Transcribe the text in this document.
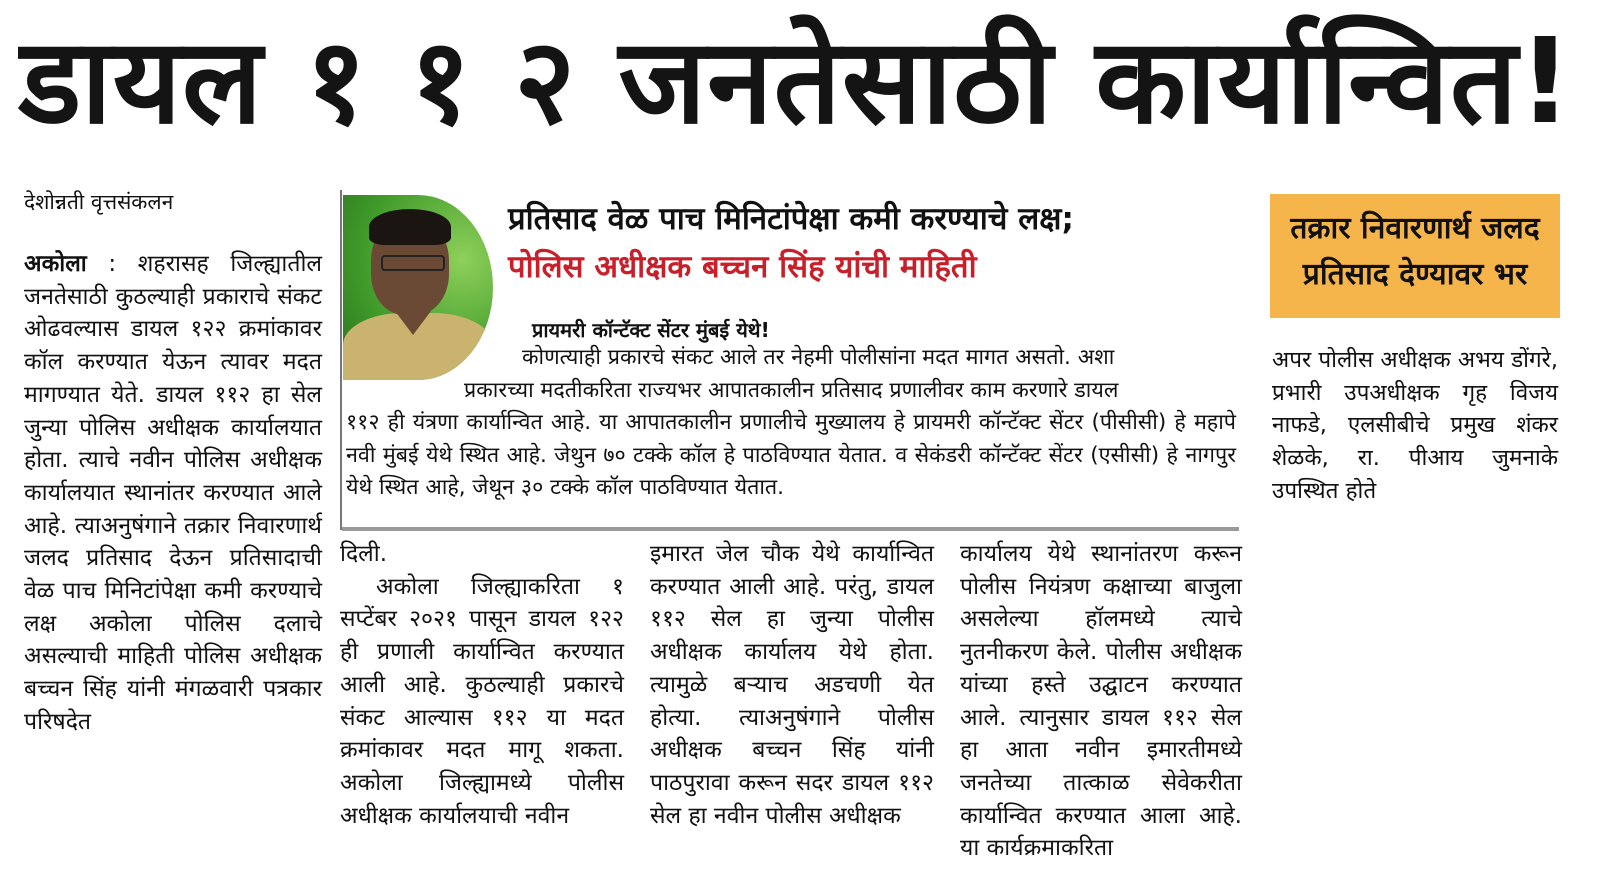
डायल १ १ २ जनतेसाठी कार्यान्वित!
देशोन्नती वृत्तसंकलन

अकोला : शहरासह जिल्ह्यातील जनतेसाठी कुठल्याही प्रकाराचे संकट ओढवल्यास डायल १२२ क्रमांकावर कॉल करण्यात येऊन त्यावर मदत मागण्यात येते. डायल ११२ हा सेल जुन्या पोलिस अधीक्षक कार्यालयात होता. त्याचे नवीन पोलिस अधीक्षक कार्यालयात स्थानांतर करण्यात आले आहे. त्याअनुषंगाने तक्रार निवारणार्थ जलद प्रतिसाद देऊन प्रतिसादाची वेळ पाच मिनिटांपेक्षा कमी करण्याचे लक्ष अकोला पोलिस दलाचे असल्याची माहिती पोलिस अधीक्षक बच्चन सिंह यांनी मंगळवारी पत्रकार परिषदेत

प्रतिसाद वेळ पाच मिनिटांपेक्षा कमी करण्याचे लक्ष;
पोलिस अधीक्षक बच्चन सिंह यांची माहिती
प्रायमरी कॉन्टॅक्ट सेंटर मुंबई येथे!
कोणत्याही प्रकारचे संकट आले तर नेहमी पोलीसांना मदत मागत असतो. अशा
प्रकारच्या मदतीकरिता राज्यभर आपातकालीन प्रतिसाद प्रणालीवर काम करणारे डायल
११२ ही यंत्रणा कार्यान्वित आहे. या आपातकालीन प्रणालीचे मुख्यालय हे प्रायमरी कॉन्टॅक्ट सेंटर (पीसीसी) हे महापे नवी मुंबई येथे स्थित आहे. जेथुन ७० टक्के कॉल हे पाठविण्यात येतात. व सेकंडरी कॉन्टॅक्ट सेंटर (एसीसी) हे नागपुर येथे स्थित आहे, जेथून ३० टक्के कॉल पाठविण्यात येतात.

दिली.

अकोला जिल्ह्याकरिता १ सप्टेंबर २०२१ पासून डायल १२२ ही प्रणाली कार्यान्वित करण्यात आली आहे. कुठल्याही प्रकारचे संकट आल्यास ११२ या मदत क्रमांकावर मदत मागू शकता. अकोला जिल्ह्यामध्ये पोलीस अधीक्षक कार्यालयाची नवीन

इमारत जेल चौक येथे कार्यान्वित करण्यात आली आहे. परंतु, डायल ११२ सेल हा जुन्या पोलीस अधीक्षक कार्यालय येथे होता. त्यामुळे बऱ्याच अडचणी येत होत्या. त्याअनुषंगाने पोलीस अधीक्षक बच्चन सिंह यांनी पाठपुरावा करून सदर डायल ११२ सेल हा नवीन पोलीस अधीक्षक

कार्यालय येथे स्थानांतरण करून पोलीस नियंत्रण कक्षाच्या बाजुला असलेल्या हॉलमध्ये त्याचे नुतनीकरण केले. पोलीस अधीक्षक यांच्या हस्ते उद्घाटन करण्यात आले. त्यानुसार डायल ११२ सेल हा आता नवीन इमारतीमध्ये जनतेच्या तात्काळ सेवेकरीता कार्यान्वित करण्यात आला आहे. या कार्यक्रमाकरिता

तक्रार निवारणार्थ जलद
प्रतिसाद देण्यावर भर

अपर पोलीस अधीक्षक अभय डोंगरे, प्रभारी उपअधीक्षक गृह विजय नाफडे, एलसीबीचे प्रमुख शंकर शेळके, रा. पीआय जुमनाके उपस्थित होते
